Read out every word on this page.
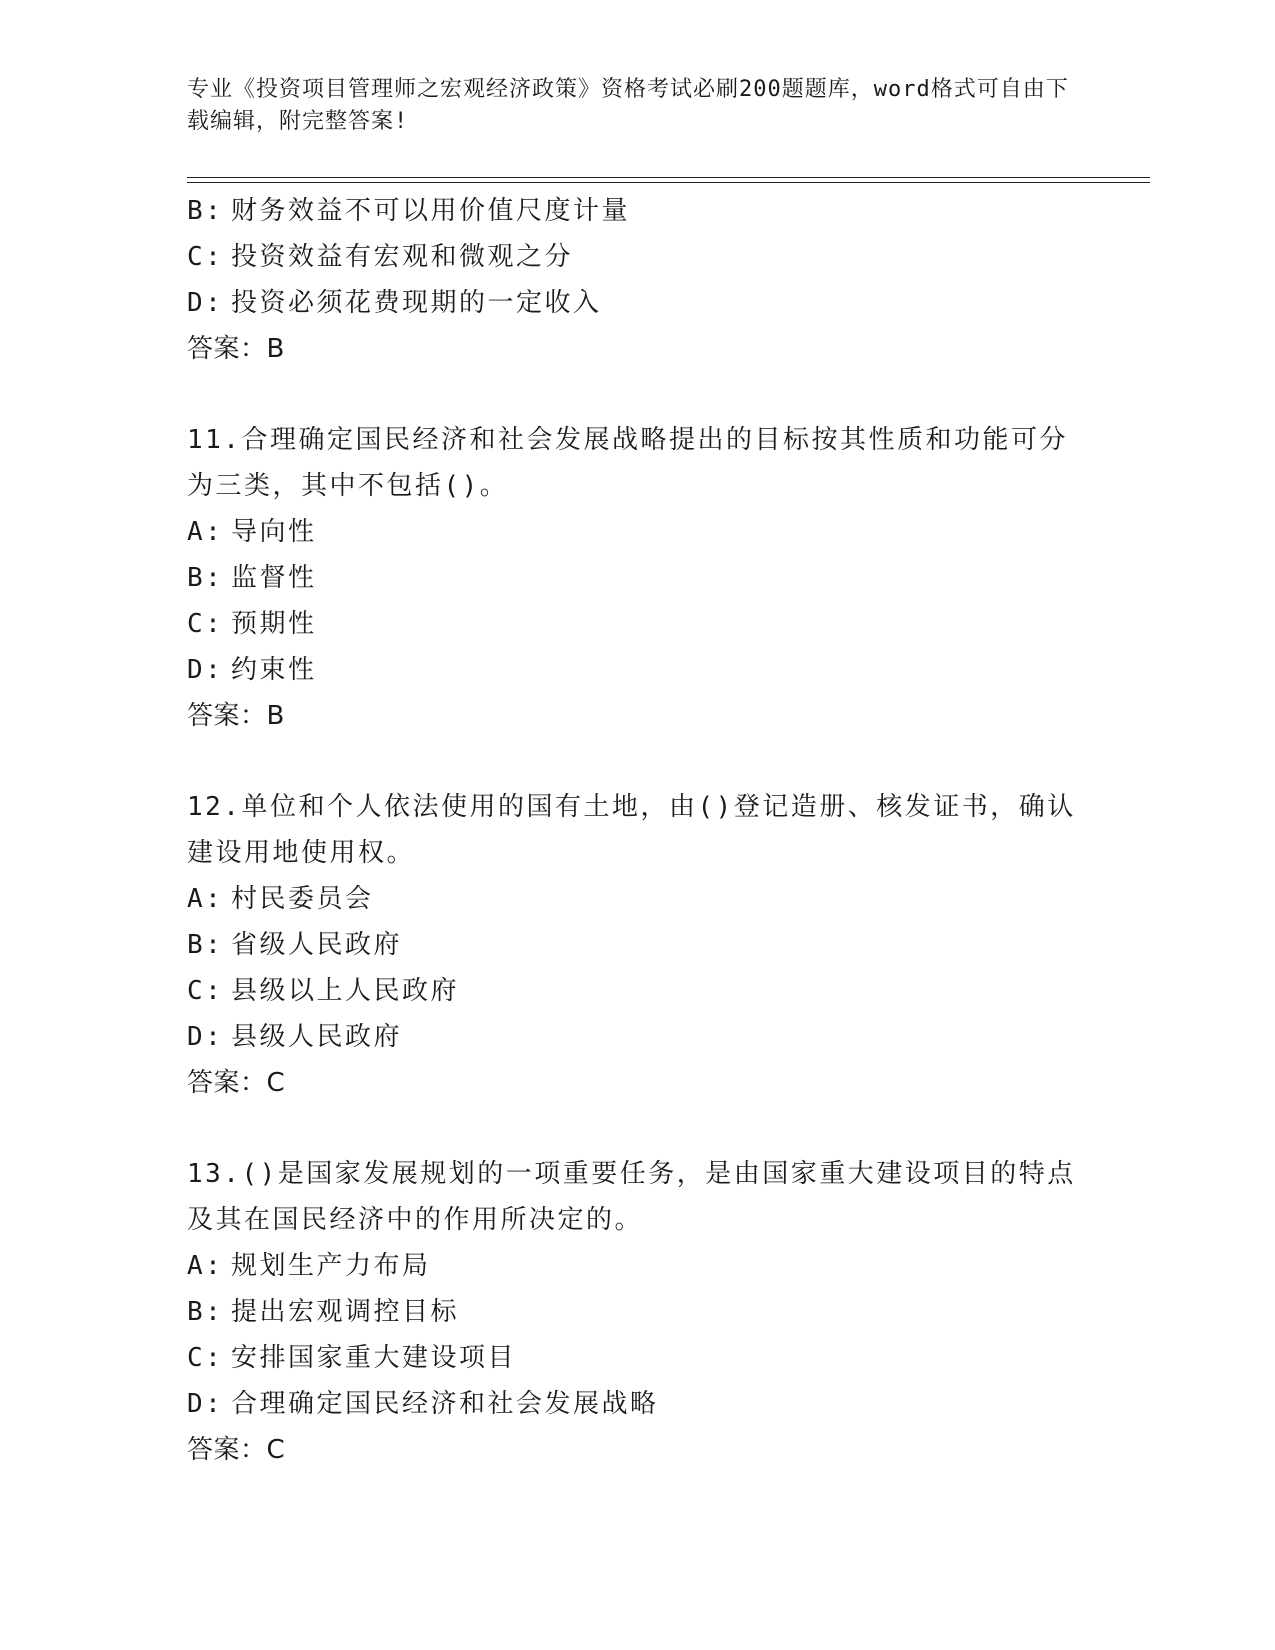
专业《投资项目管理师之宏观经济政策》资格考试必刷200题题库，word格式可自由下载编辑，附完整答案!
B: 财务效益不可以用价值尺度计量
C: 投资效益有宏观和微观之分
D: 投资必须花费现期的一定收入
答案：B
11.合理确定国民经济和社会发展战略提出的目标按其性质和功能可分
为三类，其中不包括()。
A: 导向性
B: 监督性
C: 预期性
D: 约束性
答案：B
12.单位和个人依法使用的国有土地，由()登记造册、核发证书，确认
建设用地使用权。
A: 村民委员会
B: 省级人民政府
C: 县级以上人民政府
D: 县级人民政府
答案：C
13.()是国家发展规划的一项重要任务，是由国家重大建设项目的特点
及其在国民经济中的作用所决定的。
A: 规划生产力布局
B: 提出宏观调控目标
C: 安排国家重大建设项目
D: 合理确定国民经济和社会发展战略
答案：C
